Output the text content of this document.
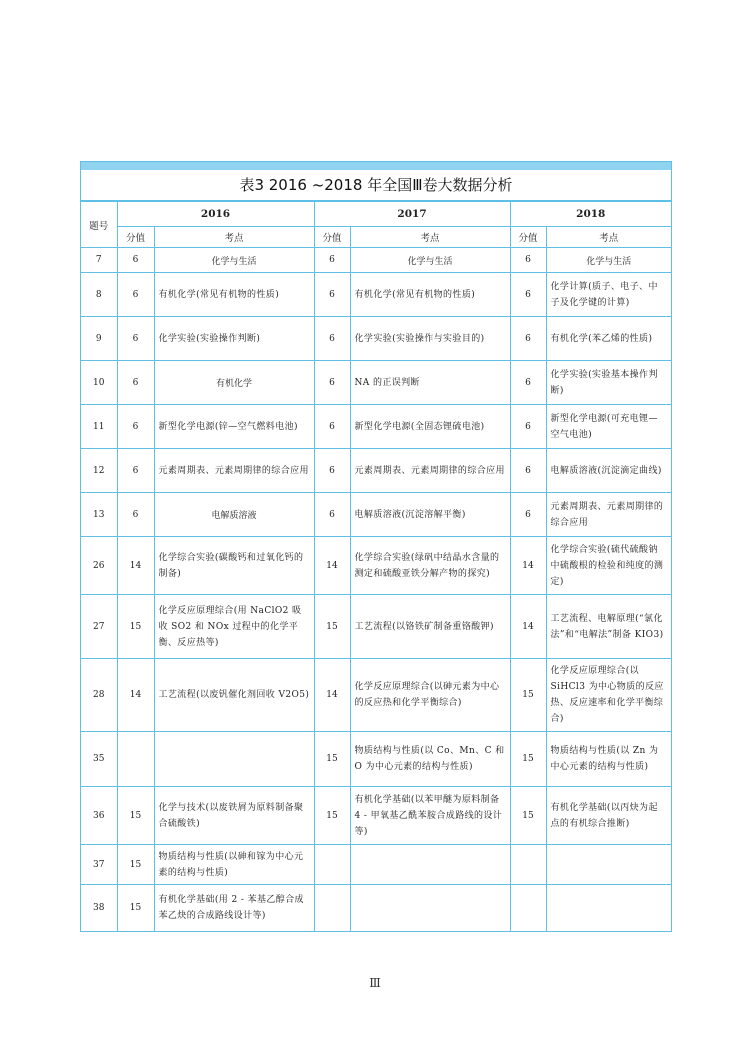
表3 2016 ~2018 年全国Ⅲ卷大数据分析
题号	2016		2017		2018	
	分值	考点	分值	考点	分值	考点
7	6	化学与生活	6	化学与生活	6	化学与生活
8	6	有机化学(常见有机物的性质)	6	有机化学(常见有机物的性质)	6	化学计算(质子、电子、中子及化学键的计算)
9	6	化学实验(实验操作判断)	6	化学实验(实验操作与实验目的)	6	有机化学(苯乙烯的性质)
10	6	有机化学	6	NA 的正误判断	6	化学实验(实验基本操作判断)
11	6	新型化学电源(锌—空气燃料电池)	6	新型化学电源(全固态锂硫电池)	6	新型化学电源(可充电锂—空气电池)
12	6	元素周期表、元素周期律的综合应用	6	元素周期表、元素周期律的综合应用	6	电解质溶液(沉淀滴定曲线)
13	6	电解质溶液	6	电解质溶液(沉淀溶解平衡)	6	元素周期表、元素周期律的综合应用
26	14	化学综合实验(碳酸钙和过氧化钙的制备)	14	化学综合实验(绿矾中结晶水含量的测定和硫酸亚铁分解产物的探究)	14	化学综合实验(硫代硫酸钠中硫酸根的检验和纯度的测定)
27	15	化学反应原理综合(用 NaClO2 吸收 SO2 和 NOx 过程中的化学平衡、反应热等)	15	工艺流程(以铬铁矿制备重铬酸钾)	14	工艺流程、电解原理(“氯化法”和“电解法”制备 KIO3)
28	14	工艺流程(以废钒催化剂回收 V2O5)	14	化学反应原理综合(以砷元素为中心的反应热和化学平衡综合)	15	化学反应原理综合(以 SiHCl3 为中心物质的反应热、反应速率和化学平衡综合)
35			15	物质结构与性质(以 Co、Mn、C 和 O 为中心元素的结构与性质)	15	物质结构与性质(以 Zn 为中心元素的结构与性质)
36	15	化学与技术(以废铁屑为原料制备聚合硫酸铁)	15	有机化学基础(以苯甲醚为原料制备 4 - 甲氧基乙酰苯胺合成路线的设计等)	15	有机化学基础(以丙炔为起点的有机综合推断)
37	15	物质结构与性质(以砷和镓为中心元素的结构与性质)				
38	15	有机化学基础(用 2 - 苯基乙醇合成苯乙炔的合成路线设计等)				
Ⅲ
